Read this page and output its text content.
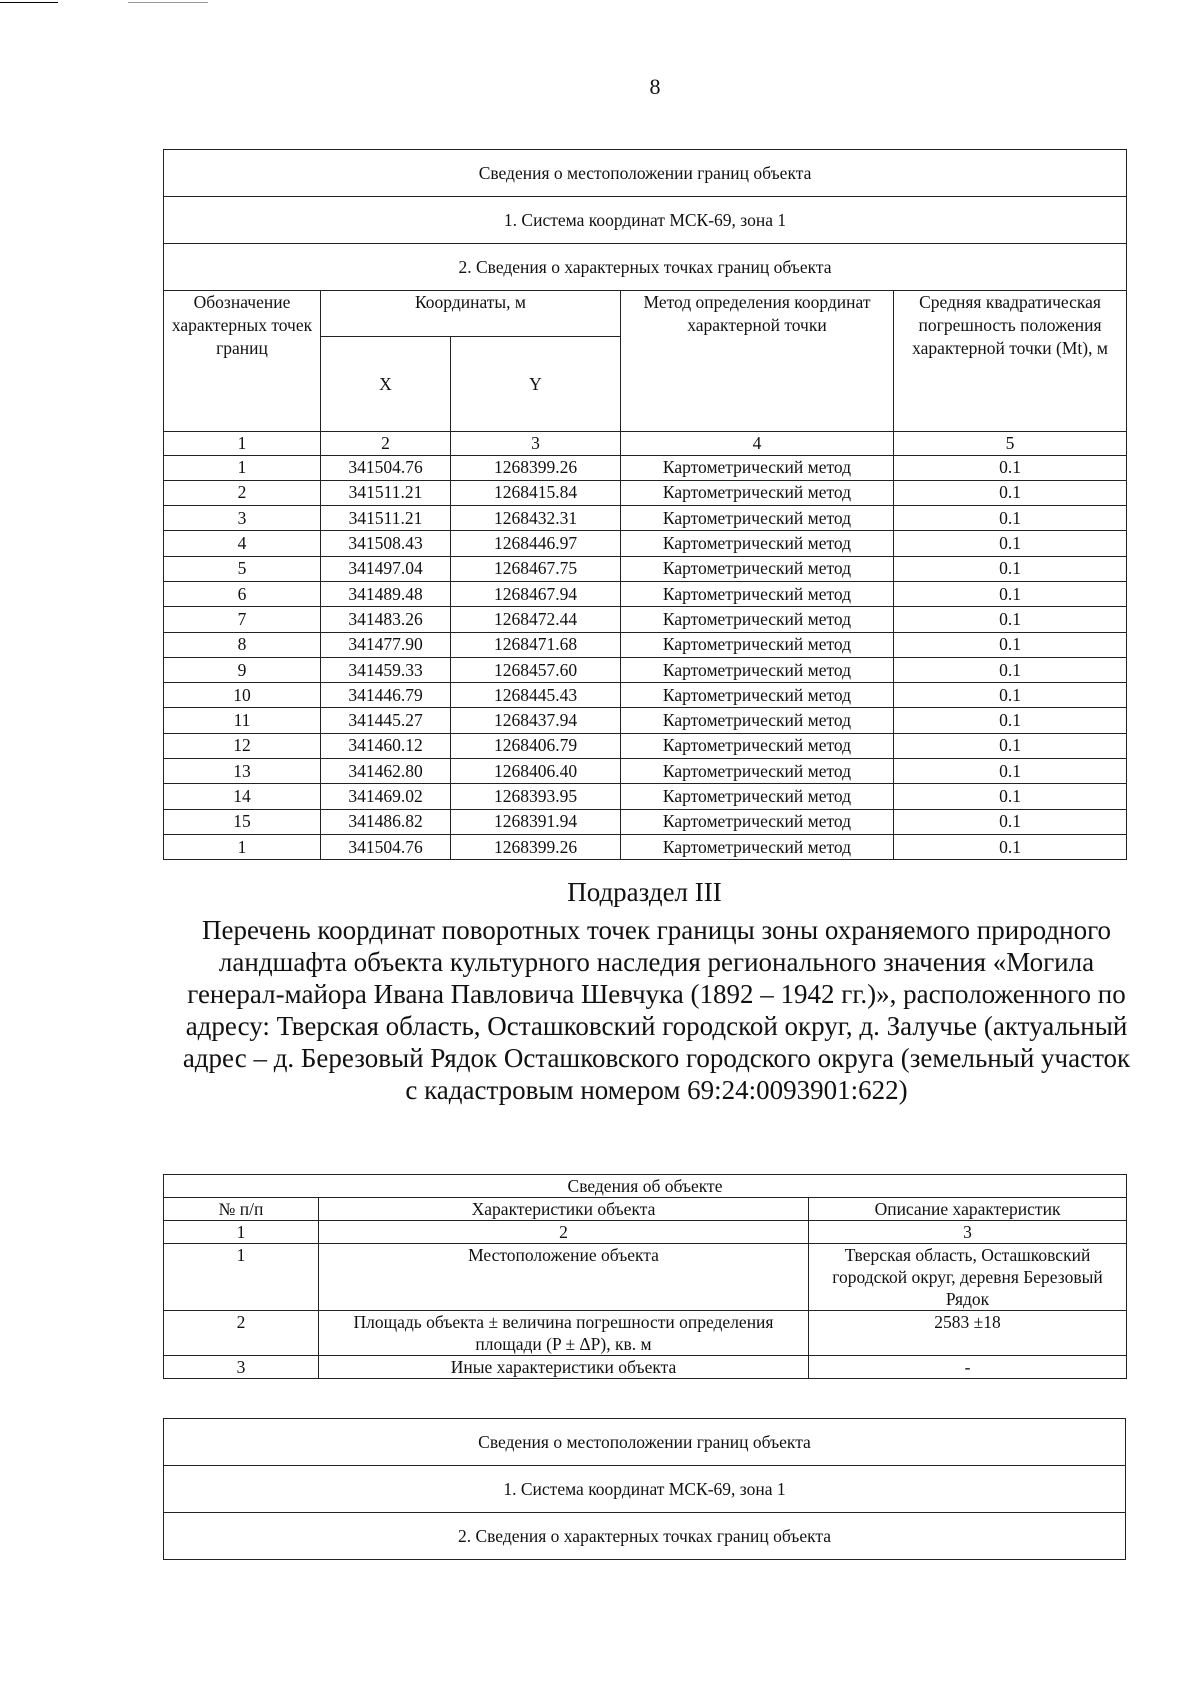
8
Сведения о местоположении границ объекта				
1. Система координат МСК-69, зона 1				
2. Сведения о характерных точках границ объекта				
Обозначение характерных точек границ	Координаты, м		Метод определения координат характерной точки	Средняя квадратическая погрешность положения характерной точки (Mt), м
	X	Y		
1	2	3	4	5
1	341504.76	1268399.26	Картометрический метод	0.1
2	341511.21	1268415.84	Картометрический метод	0.1
3	341511.21	1268432.31	Картометрический метод	0.1
4	341508.43	1268446.97	Картометрический метод	0.1
5	341497.04	1268467.75	Картометрический метод	0.1
6	341489.48	1268467.94	Картометрический метод	0.1
7	341483.26	1268472.44	Картометрический метод	0.1
8	341477.90	1268471.68	Картометрический метод	0.1
9	341459.33	1268457.60	Картометрический метод	0.1
10	341446.79	1268445.43	Картометрический метод	0.1
11	341445.27	1268437.94	Картометрический метод	0.1
12	341460.12	1268406.79	Картометрический метод	0.1
13	341462.80	1268406.40	Картометрический метод	0.1
14	341469.02	1268393.95	Картометрический метод	0.1
15	341486.82	1268391.94	Картометрический метод	0.1
1	341504.76	1268399.26	Картометрический метод	0.1
Подраздел III
Перечень координат поворотных точек границы зоны охраняемого природного ландшафта объекта культурного наследия регионального значения «Могила генерал-майора Ивана Павловича Шевчука (1892 – 1942 гг.)», расположенного по адресу: Тверская область, Осташковский городской округ, д. Залучье (актуальный адрес – д. Березовый Рядок Осташковского городского округа (земельный участок с кадастровым номером 69:24:0093901:622)
Сведения об объекте		
№ п/п	Характеристики объекта	Описание характеристик
1	2	3
1	Местоположение объекта	Тверская область, Осташковский городской округ, деревня Березовый Рядок
2	Площадь объекта ± величина погрешности определения площади (P ± ΔP), кв. м	2583 ±18
3	Иные характеристики объекта	-
Сведения о местоположении границ объекта
1. Система координат МСК-69, зона 1
2. Сведения о характерных точках границ объекта
